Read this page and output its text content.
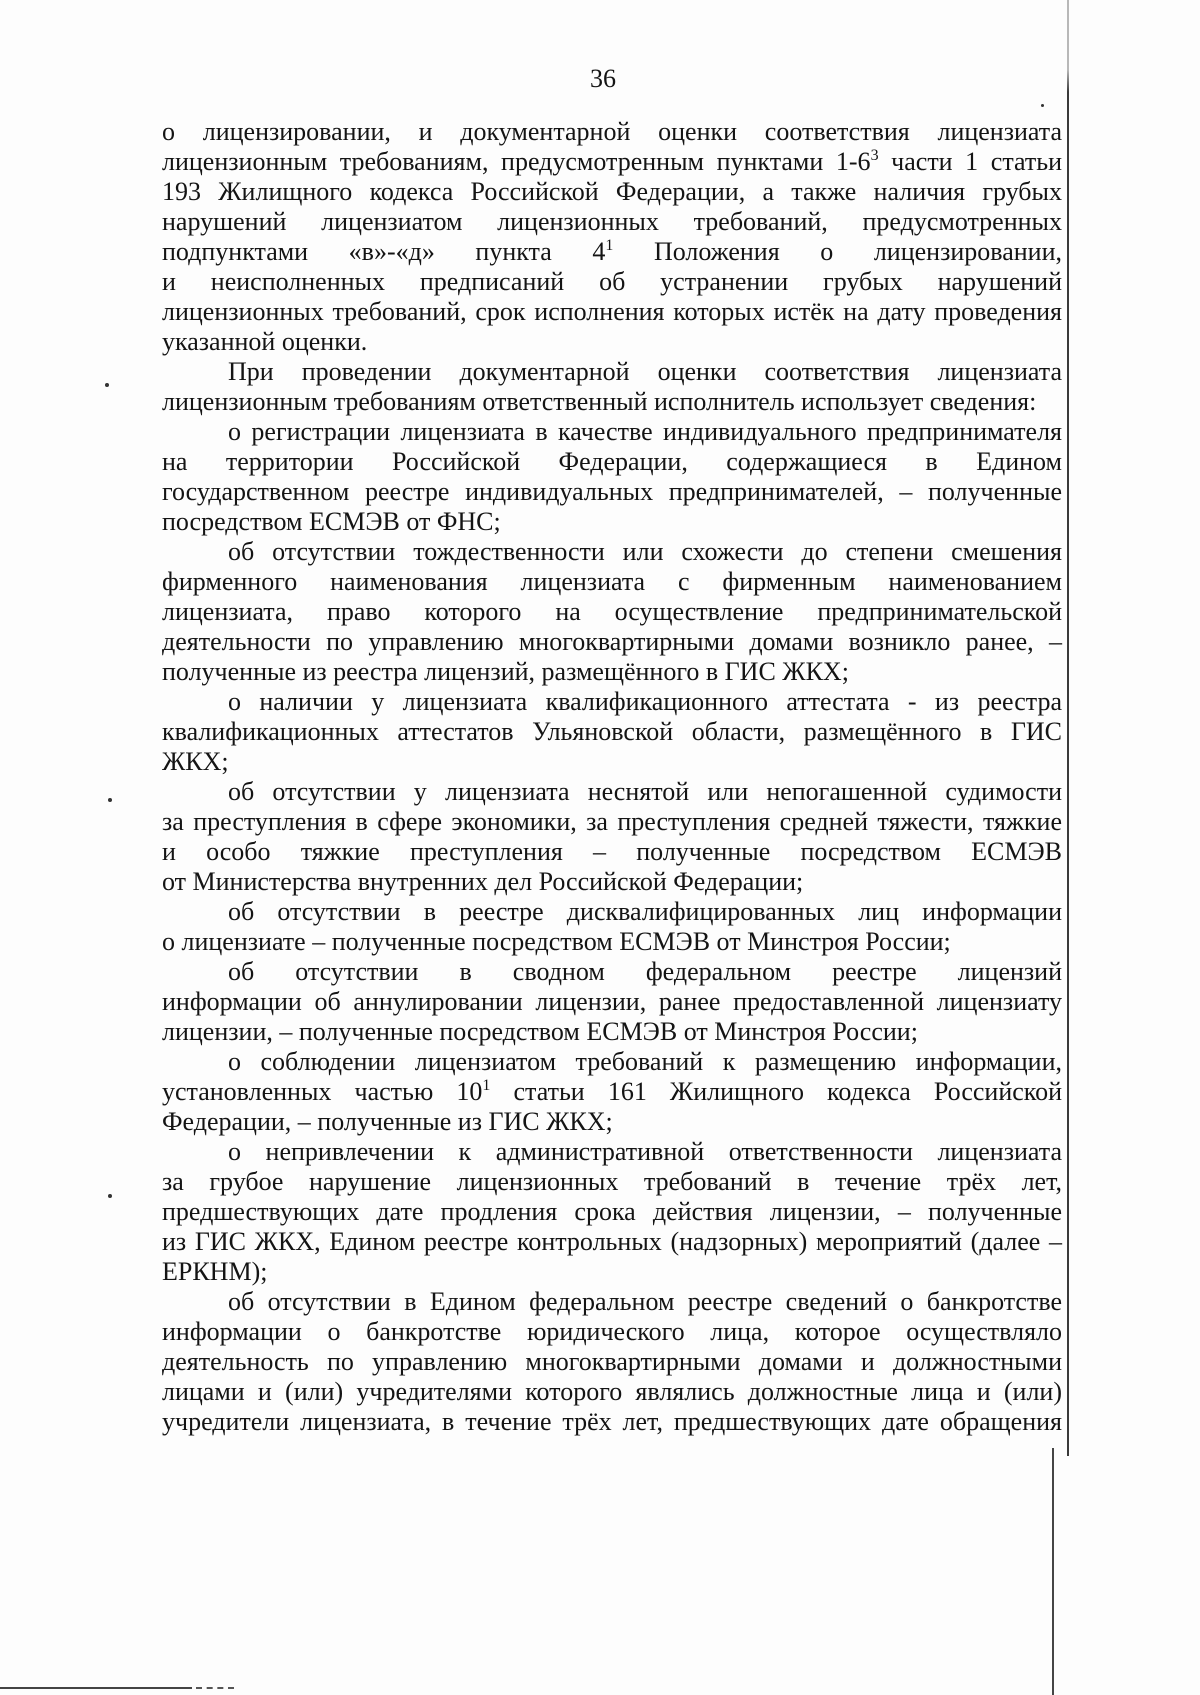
36
о лицензировании, и документарной оценки соответствия лицензиата
лицензионным требованиям, предусмотренным пунктами $1-6^3$ части 1 статьи
193 Жилищного кодекса Российской Федерации, а также наличия грубых
нарушений лицензиатом лицензионных требований, предусмотренных
подпунктами «в»-«д» пункта $4^1$ Положения о лицензировании,
и неисполненных предписаний об устранении грубых нарушений
лицензионных требований, срок исполнения которых истёк на дату проведения
указанной оценки.
При проведении документарной оценки соответствия лицензиата
лицензионным требованиям ответственный исполнитель использует сведения:
о регистрации лицензиата в качестве индивидуального предпринимателя
на территории Российской Федерации, содержащиеся в Едином
государственном реестре индивидуальных предпринимателей, – полученные
посредством ЕСМЭВ от ФНС;
об отсутствии тождественности или схожести до степени смешения
фирменного наименования лицензиата с фирменным наименованием
лицензиата, право которого на осуществление предпринимательской
деятельности по управлению многоквартирными домами возникло ранее, –
полученные из реестра лицензий, размещённого в ГИС ЖКХ;
о наличии у лицензиата квалификационного аттестата - из реестра
квалификационных аттестатов Ульяновской области, размещённого в ГИС
ЖКХ;
об отсутствии у лицензиата неснятой или непогашенной судимости
за преступления в сфере экономики, за преступления средней тяжести, тяжкие
и особо тяжкие преступления – полученные посредством ЕСМЭВ
от Министерства внутренних дел Российской Федерации;
об отсутствии в реестре дисквалифицированных лиц информации
о лицензиате – полученные посредством ЕСМЭВ от Минстроя России;
об отсутствии в сводном федеральном реестре лицензий
информации об аннулировании лицензии, ранее предоставленной лицензиату
лицензии, – полученные посредством ЕСМЭВ от Минстроя России;
о соблюдении лицензиатом требований к размещению информации,
установленных частью $10^1$ статьи 161 Жилищного кодекса Российской
Федерации, – полученные из ГИС ЖКХ;
о непривлечении к административной ответственности лицензиата
за грубое нарушение лицензионных требований в течение трёх лет,
предшествующих дате продления срока действия лицензии, – полученные
из ГИС ЖКХ, Едином реестре контрольных (надзорных) мероприятий (далее –
ЕРКНМ);
об отсутствии в Едином федеральном реестре сведений о банкротстве
информации о банкротстве юридического лица, которое осуществляло
деятельность по управлению многоквартирными домами и должностными
лицами и (или) учредителями которого являлись должностные лица и (или)
учредители лицензиата, в течение трёх лет, предшествующих дате обращения
